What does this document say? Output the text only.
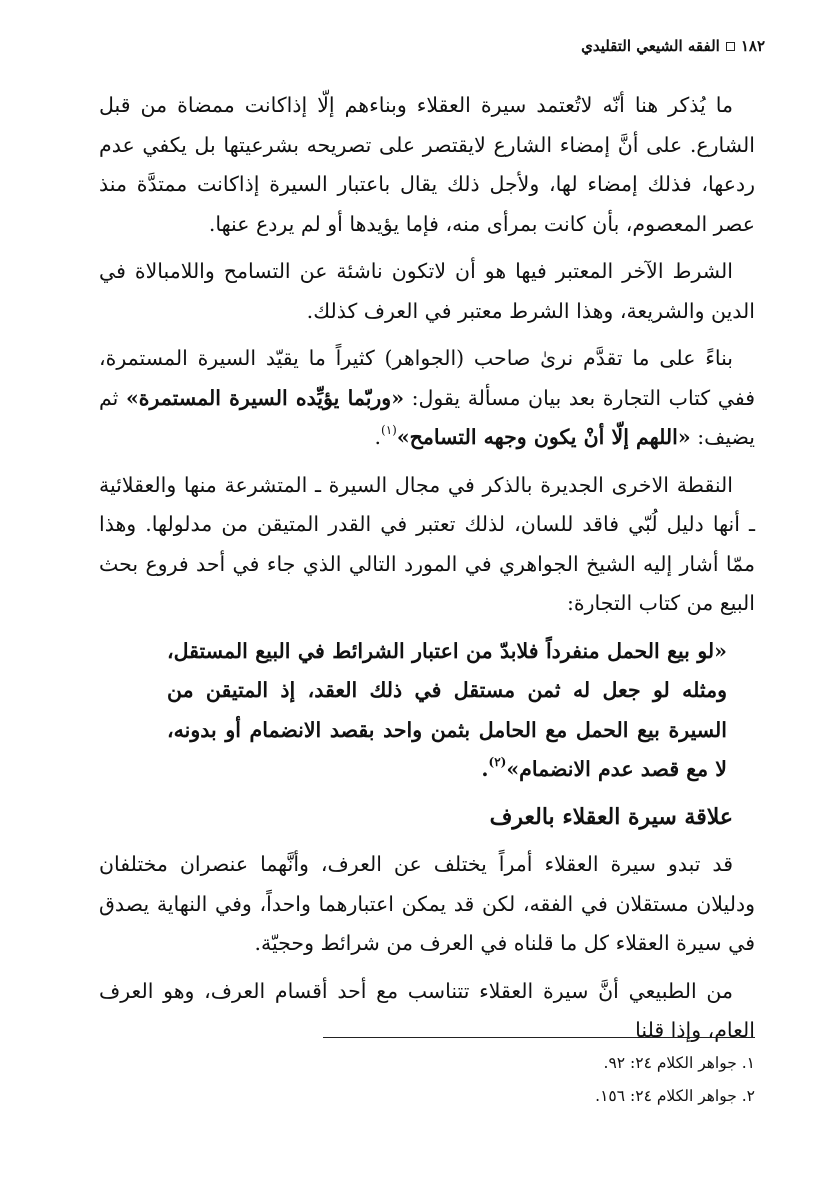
١٨٢
الفقه الشيعي التقليدي

ما يُذكر هنا أنّه لاتُعتمد سيرة العقلاء وبناءهم إلّا إذاكانت ممضاة من قبل الشارع. على أنَّ إمضاء الشارع لايقتصر على تصريحه بشرعيتها بل يكفي عدم ردعها، فذلك إمضاء لها، ولأجل ذلك يقال باعتبار السيرة إذاكانت ممتدَّة منذ عصر المعصوم، بأن كانت بمرأى منه، فإما يؤيدها أو لم يردع عنها.

الشرط الآخر المعتبر فيها هو أن لاتكون ناشئة عن التسامح واللامبالاة في الدين والشريعة، وهذا الشرط معتبر في العرف كذلك.

بناءً على ما تقدَّم نرىٰ صاحب (الجواهر) كثيراً ما يقيّد السيرة المستمرة، ففي كتاب التجارة بعد بيان مسألة يقول: «وربّما يؤيِّده السيرة المستمرة» ثم يضيف: «اللهم إلّا أنْ يكون وجهه التسامح»$^{(١)}$.

النقطة الاخرى الجديرة بالذكر في مجال السيرة ـ المتشرعة منها والعقلائية ـ أنها دليل لُبّي فاقد للسان، لذلك تعتبر في القدر المتيقن من مدلولها. وهذا ممّا أشار إليه الشيخ الجواهري في المورد التالي الذي جاء في أحد فروع بحث البيع من كتاب التجارة:

«لو بيع الحمل منفرداً فلابدّ من اعتبار الشرائط في البيع المستقل، ومثله لو جعل له ثمن مستقل في ذلك العقد، إذ المتيقن من السيرة بيع الحمل مع الحامل بثمن واحد بقصد الانضمام أو بدونه، لا مع قصد عدم الانضمام»$^{(٢)}$.

علاقة سيرة العقلاء بالعرف

قد تبدو سيرة العقلاء أمراً يختلف عن العرف، وأنَّهما عنصران مختلفان ودليلان مستقلان في الفقه، لكن قد يمكن اعتبارهما واحداً، وفي النهاية يصدق في سيرة العقلاء كل ما قلناه في العرف من شرائط وحجيّة.

من الطبيعي أنَّ سيرة العقلاء تتناسب مع أحد أقسام العرف، وهو العرف العام، وإذا قلنا

١. جواهر الكلام ٢٤: ٩٢.
٢. جواهر الكلام ٢٤: ١٥٦.
